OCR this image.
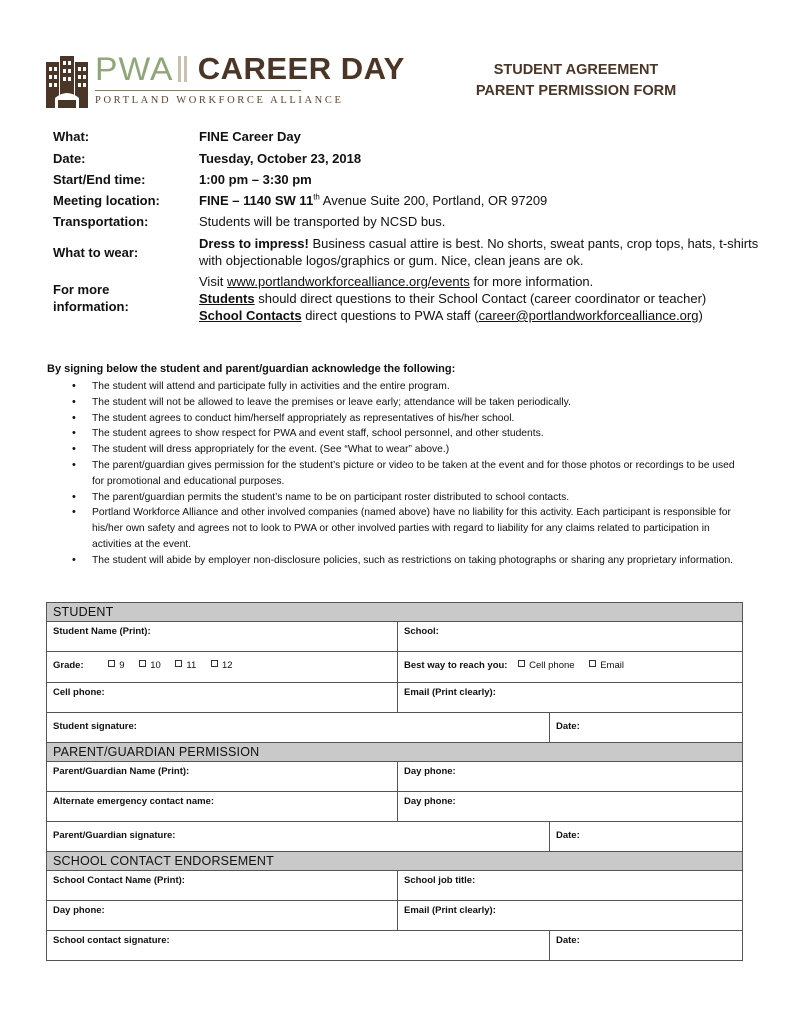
PWA CAREER DAY
PORTLAND WORKFORCE ALLIANCE
STUDENT AGREEMENT
PARENT PERMISSION FORM
What:	FINE Career Day
Date:	Tuesday, October 23, 2018
Start/End time:	1:00 pm – 3:30 pm
Meeting location:	FINE – 1140 SW 11th Avenue Suite 200, Portland, OR 97209
Transportation:	Students will be transported by NCSD bus.
What to wear:
Dress to impress! Business casual attire is best. No shorts, sweat pants, crop tops, hats, t-shirts with objectionable logos/graphics or gum. Nice, clean jeans are ok.
For more information:
Visit www.portlandworkforcealliance.org/events for more information.
Students should direct questions to their School Contact (career coordinator or teacher)
School Contacts direct questions to PWA staff (career@portlandworkforcealliance.org)
By signing below the student and parent/guardian acknowledge the following:
• The student will attend and participate fully in activities and the entire program.
• The student will not be allowed to leave the premises or leave early; attendance will be taken periodically.
• The student agrees to conduct him/herself appropriately as representatives of his/her school.
• The student agrees to show respect for PWA and event staff, school personnel, and other students.
• The student will dress appropriately for the event. (See “What to wear” above.)
• The parent/guardian gives permission for the student’s picture or video to be taken at the event and for those photos or recordings to be used for promotional and educational purposes.
• The parent/guardian permits the student’s name to be on participant roster distributed to school contacts.
• Portland Workforce Alliance and other involved companies (named above) have no liability for this activity. Each participant is responsible for his/her own safety and agrees not to look to PWA or other involved parties with regard to liability for any claims related to participation in activities at the event.
• The student will abide by employer non-disclosure policies, such as restrictions on taking photographs or sharing any proprietary information.
STUDENT
Student Name (Print):	School:
Grade:	9	10	11	12	Best way to reach you: Cell phone	Email
Cell phone:	Email (Print clearly):
Student signature:	Date:
PARENT/GUARDIAN PERMISSION
Parent/Guardian Name (Print):	Day phone:
Alternate emergency contact name:	Day phone:
Parent/Guardian signature:	Date:
SCHOOL CONTACT ENDORSEMENT
School Contact Name (Print):	School job title:
Day phone:	Email (Print clearly):
School contact signature:	Date:
